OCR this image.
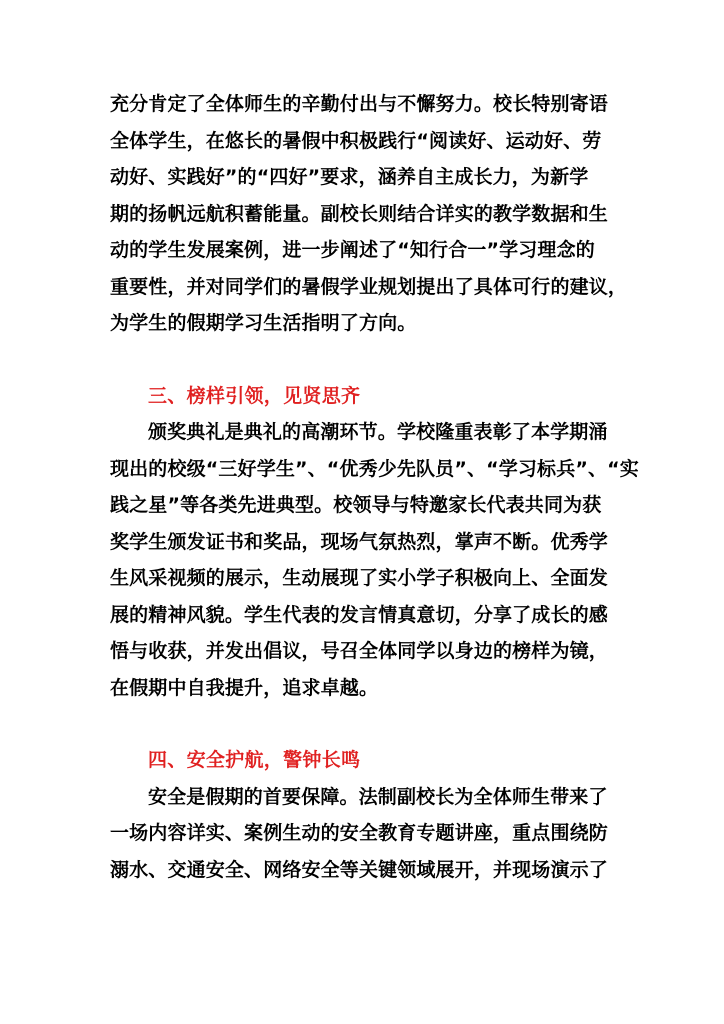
充分肯定了全体师生的辛勤付出与不懈努力。校长特别寄语
全体学生，在悠长的暑假中积极践行“阅读好、运动好、劳
动好、实践好”的“四好”要求，涵养自主成长力，为新学
期的扬帆远航积蓄能量。副校长则结合详实的教学数据和生
动的学生发展案例，进一步阐述了“知行合一”学习理念的
重要性，并对同学们的暑假学业规划提出了具体可行的建议，
为学生的假期学习生活指明了方向。
三、榜样引领，见贤思齐
颁奖典礼是典礼的高潮环节。学校隆重表彰了本学期涌
现出的校级“三好学生”、“优秀少先队员”、“学习标兵”、“实
践之星”等各类先进典型。校领导与特邀家长代表共同为获
奖学生颁发证书和奖品，现场气氛热烈，掌声不断。优秀学
生风采视频的展示，生动展现了实小学子积极向上、全面发
展的精神风貌。学生代表的发言情真意切，分享了成长的感
悟与收获，并发出倡议，号召全体同学以身边的榜样为镜，
在假期中自我提升，追求卓越。
四、安全护航，警钟长鸣
安全是假期的首要保障。法制副校长为全体师生带来了
一场内容详实、案例生动的安全教育专题讲座，重点围绕防
溺水、交通安全、网络安全等关键领域展开，并现场演示了
